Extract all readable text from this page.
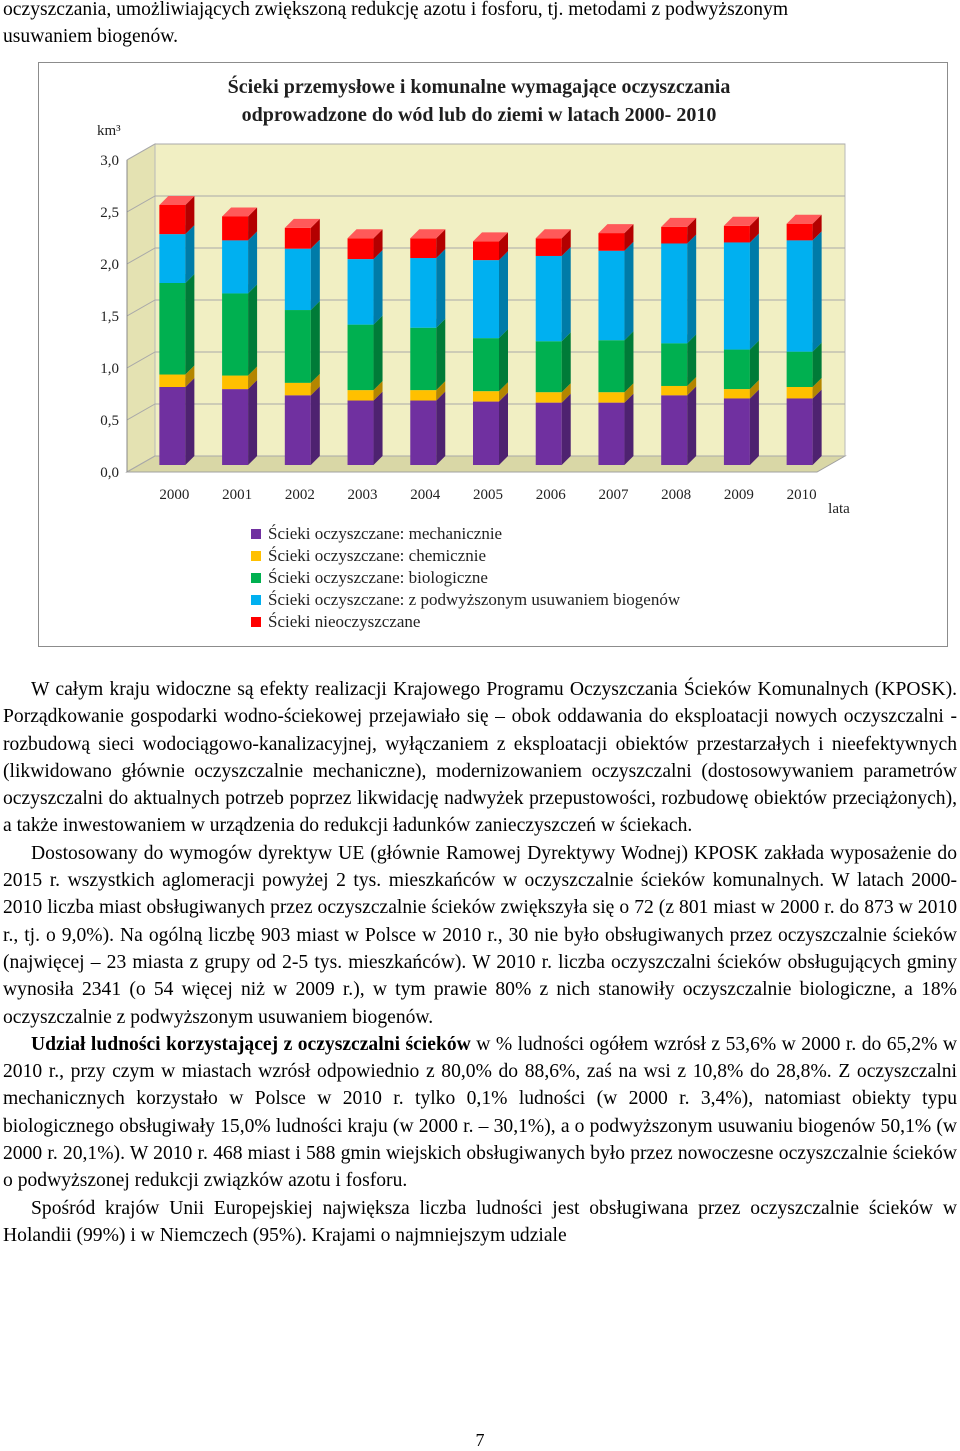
oczyszczania, umożliwiających zwiększoną redukcję azotu i fosforu, tj. metodami z podwyższonym

usuwaniem biogenów.

Ścieki przemysłowe i komunalne wymagające oczyszczania
odprowadzone do wód lub do ziemi w latach 2000- 2010
0,0
0,5
1,0
1,5
2,0
2,5
3,0
km³
2000 2001 2002 2003 2004 2005 2006 2007 2008 2009 2010
lata
Ścieki oczyszczane: mechanicznie
Ścieki oczyszczane: chemicznie
Ścieki oczyszczane: biologiczne
Ścieki oczyszczane: z podwyższonym usuwaniem biogenów
Ścieki nieoczyszczane

W całym kraju widoczne są efekty realizacji Krajowego Programu Oczyszczania Ścieków Komunalnych (KPOSK). Porządkowanie gospodarki wodno-ściekowej przejawiało się – obok oddawania do eksploatacji nowych oczyszczalni - rozbudową sieci wodociągowo-kanalizacyjnej, wyłączaniem z eksploatacji obiektów przestarzałych i nieefektywnych (likwidowano głównie oczyszczalnie mechaniczne), modernizowaniem oczyszczalni (dostosowywaniem parametrów oczyszczalni do aktualnych potrzeb poprzez likwidację nadwyżek przepustowości, rozbudowę obiektów przeciążonych), a także inwestowaniem w urządzenia do redukcji ładunków zanieczyszczeń w ściekach.

Dostosowany do wymogów dyrektyw UE (głównie Ramowej Dyrektywy Wodnej) KPOSK zakłada wyposażenie do 2015 r. wszystkich aglomeracji powyżej 2 tys. mieszkańców w oczyszczalnie ścieków komunalnych. W latach 2000-2010 liczba miast obsługiwanych przez oczyszczalnie ścieków zwiększyła się o 72 (z 801 miast w 2000 r. do 873 w 2010 r., tj. o 9,0%). Na ogólną liczbę 903 miast w Polsce w 2010 r., 30 nie było obsługiwanych przez oczyszczalnie ścieków (najwięcej – 23 miasta z grupy od 2-5 tys. mieszkańców). W 2010 r. liczba oczyszczalni ścieków obsługujących gminy wynosiła 2341 (o 54 więcej niż w 2009 r.), w tym prawie 80% z nich stanowiły oczyszczalnie biologiczne, a 18% oczyszczalnie z podwyższonym usuwaniem biogenów.

Udział ludności korzystającej z oczyszczalni ścieków w % ludności ogółem wzrósł z 53,6% w 2000 r. do 65,2% w 2010 r., przy czym w miastach wzrósł odpowiednio z 80,0% do 88,6%, zaś na wsi z 10,8% do 28,8%. Z oczyszczalni mechanicznych korzystało w Polsce w 2010 r. tylko 0,1% ludności (w 2000 r. 3,4%), natomiast obiekty typu biologicznego obsługiwały 15,0% ludności kraju (w 2000 r. – 30,1%), a o podwyższonym usuwaniu biogenów 50,1% (w 2000 r. 20,1%). W 2010 r. 468 miast i 588 gmin wiejskich obsługiwanych było przez nowoczesne oczyszczalnie ścieków o podwyższonej redukcji związków azotu i fosforu.

Spośród krajów Unii Europejskiej największa liczba ludności jest obsługiwana przez oczyszczalnie ścieków w Holandii (99%) i w Niemczech (95%). Krajami o najmniejszym udziale

7
